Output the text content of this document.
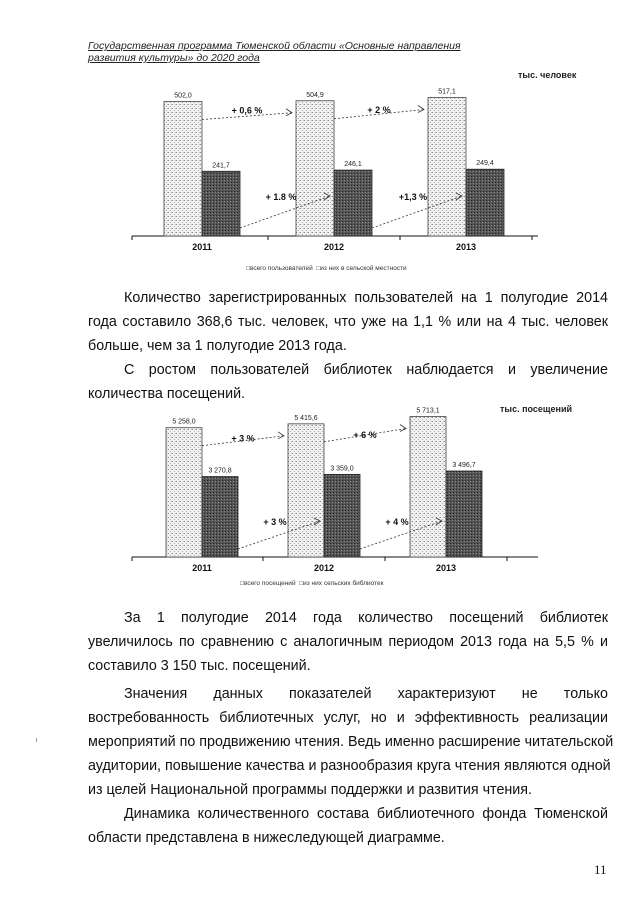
Государственная программа Тюменской области «Основные направления
развития культуры» до 2020 года
тыс. человек
502,0
241,7
2011
504,9
246,1
2012
517,1
249,4
2013
+ 0,6 %
+ 1.8 %
+ 2 %
+1,3 %
□всего пользователей □из них в сельской местности
Количество зарегистрированных пользователей на 1 полугодие 2014
года составило 368,6 тыс. человек, что уже на 1,1 % или на 4 тыс. человек
больше, чем за 1 полугодие 2013 года.
С ростом пользователей библиотек наблюдается и увеличение
количества посещений.
тыс. посещений
5 258,0
3 270,8
2011
5 415,6
3 359,0
2012
5 713,1
3 496,7
2013
+ 3 %
+ 3 %
+ 6 %
+ 4 %
□всего посещений □из них сельских библиотек
За 1 полугодие 2014 года количество посещений библиотек
увеличилось по сравнению с аналогичным периодом 2013 года на 5,5 % и
составило 3 150 тыс. посещений.
Значения данных показателей характеризуют не только
востребованность библиотечных услуг, но и эффективность реализации
мероприятий по продвижению чтения. Ведь именно расширение читательской
аудитории, повышение качества и разнообразия круга чтения являются одной
из целей Национальной программы поддержки и развития чтения.
Динамика количественного состава библиотечного фонда Тюменской
области представлена в нижеследующей диаграмме.
11
